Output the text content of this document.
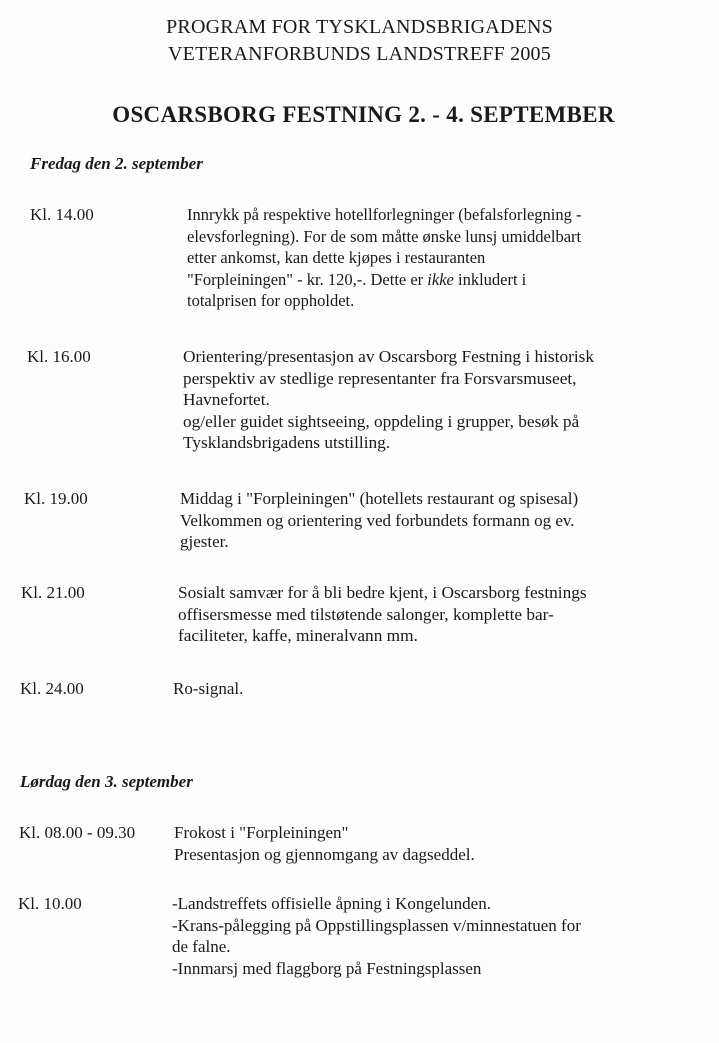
PROGRAM FOR TYSKLANDSBRIGADENS
VETERANFORBUNDS LANDSTREFF 2005
OSCARSBORG FESTNING 2. - 4. SEPTEMBER
Fredag den 2. september
Kl. 14.00	Innrykk på respektive hotellforlegninger (befalsforlegning -
elevsforlegning). For de som måtte ønske lunsj umiddelbart
etter ankomst, kan dette kjøpes i restauranten
"Forpleiningen" - kr. 120,-. Dette er ikke inkludert i
totalprisen for oppholdet.
Kl. 16.00	Orientering/presentasjon av Oscarsborg Festning i historisk
perspektiv av stedlige representanter fra Forsvarsmuseet,
Havnefortet.
og/eller guidet sightseeing, oppdeling i grupper, besøk på
Tysklandsbrigadens utstilling.
Kl. 19.00	Middag i "Forpleiningen" (hotellets restaurant og spisesal)
Velkommen og orientering ved forbundets formann og ev.
gjester.
Kl. 21.00	Sosialt samvær for å bli bedre kjent, i Oscarsborg festnings
offisersmesse med tilstøtende salonger, komplette bar-
faciliteter, kaffe, mineralvann mm.
Kl. 24.00	Ro-signal.
Lørdag den 3. september
Kl. 08.00 - 09.30 Frokost i "Forpleiningen"
Presentasjon og gjennomgang av dagseddel.
Kl. 10.00	-Landstreffets offisielle åpning i Kongelunden.
-Krans-pålegging på Oppstillingsplassen v/minnestatuen for
de falne.
-Innmarsj med flaggborg på Festningsplassen
